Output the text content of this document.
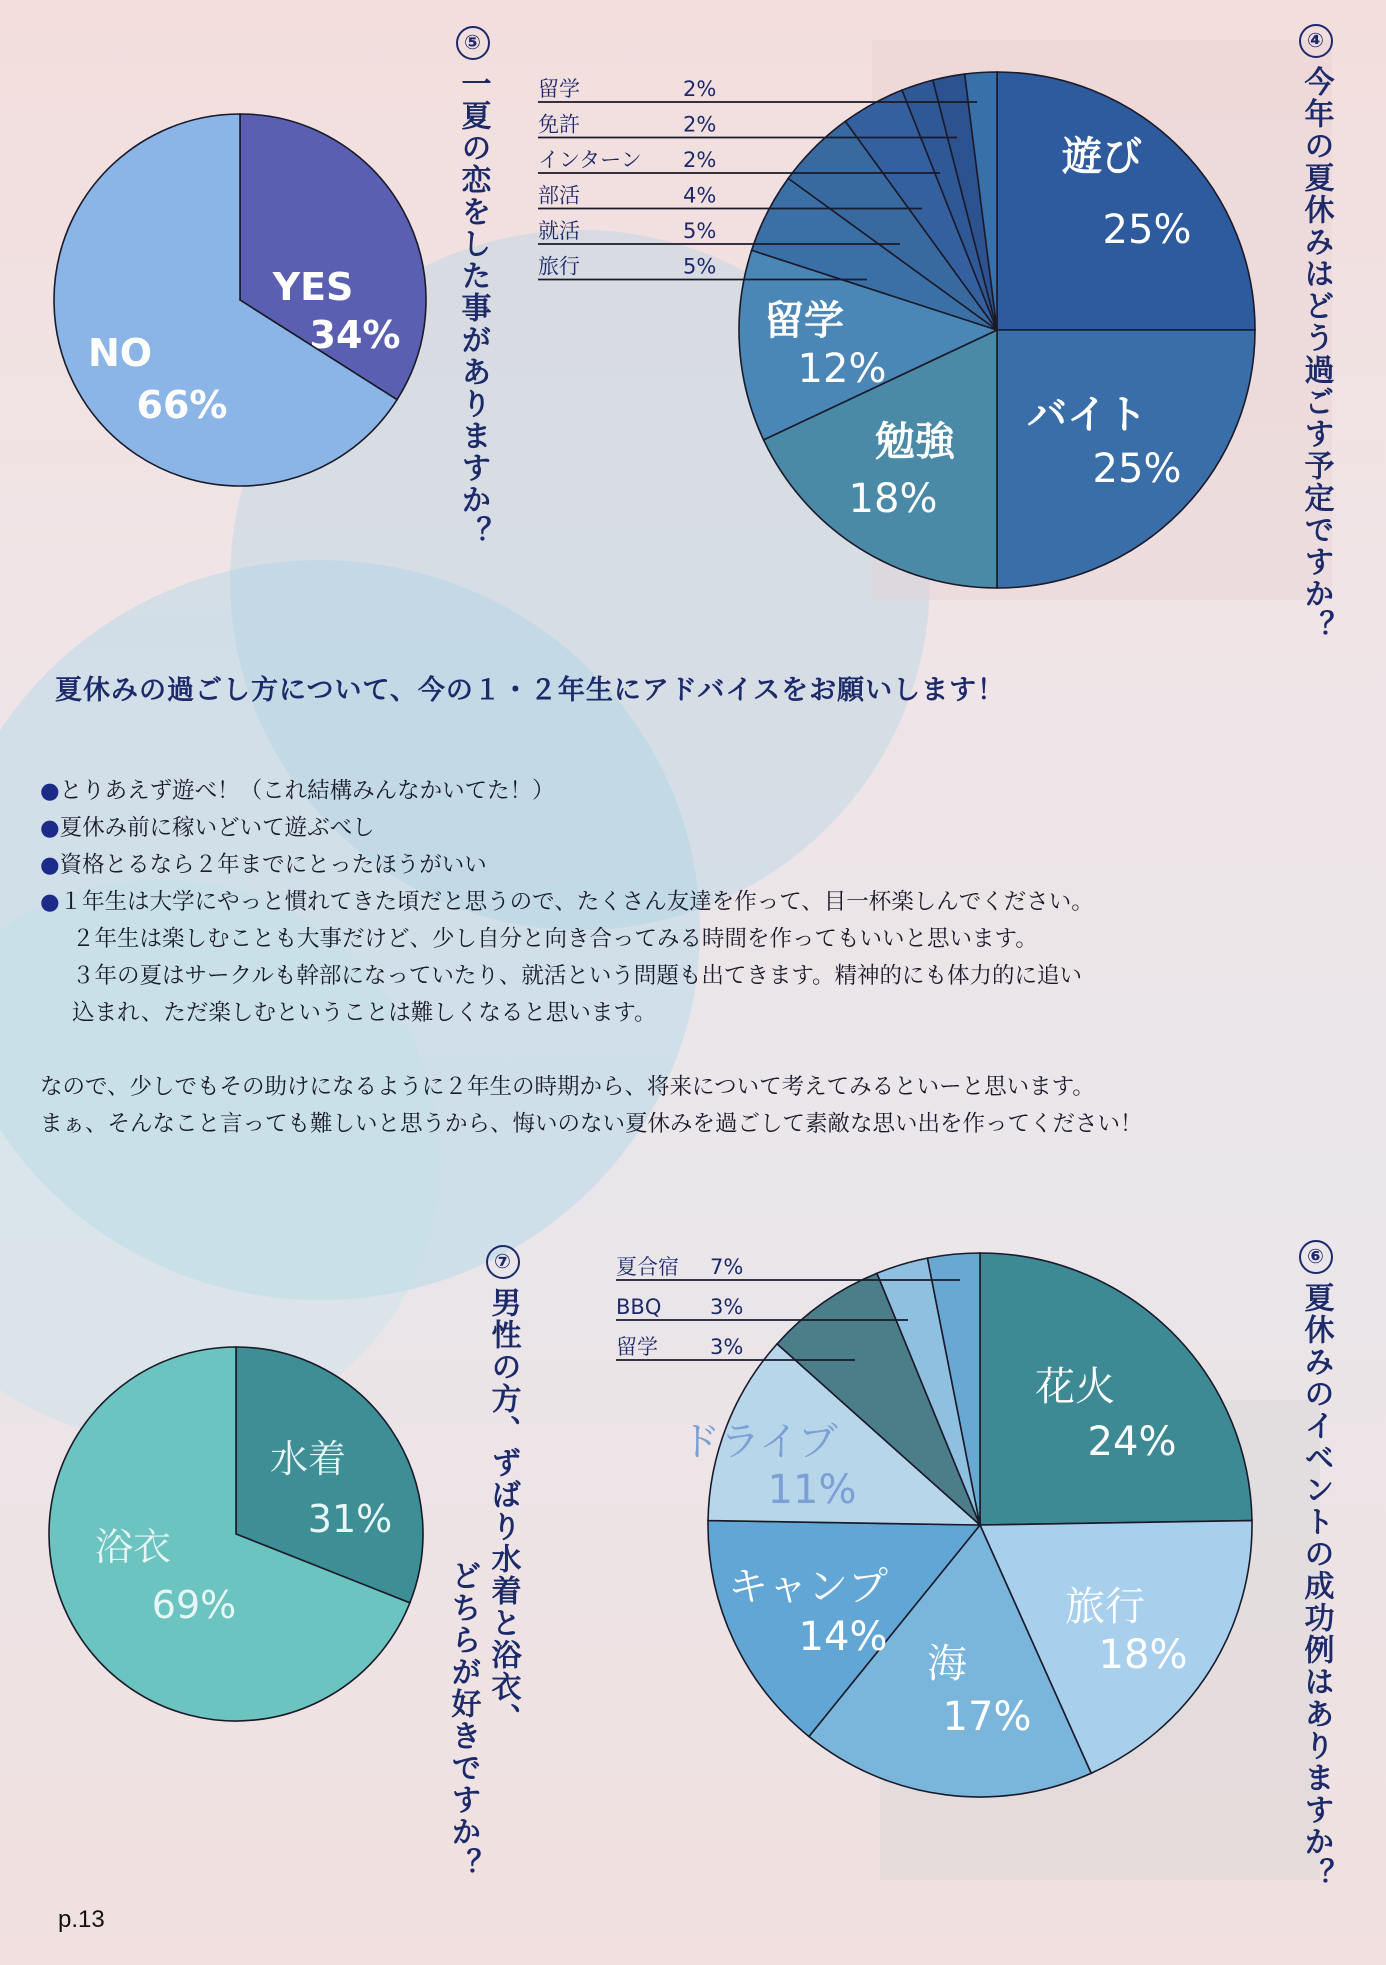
⑤一夏の恋をした事がありますか？
④今年の夏休みはどう過ごす予定ですか？
⑦男性の方、ずばり水着と浴衣、
どちらが好きですか？
⑥夏休みのイベントの成功例はありますか？
YES
34%
NO
66%
遊び
25%
バイト
25%
勉強
18%
留学
12%
水着
31%
浴衣
69%
花火
24%
旅行
18%
海
17%
キャンプ
14%
ドライブ
11%
留学	2%
免許	2%
インターン 2%
部活	4%
就活	5%
旅行	5%
夏合宿 7%
BBQ 3%
留学 3%
夏休みの過ごし方について、今の１・２年生にアドバイスをお願いします！
●とりあえず遊べ！（これ結構みんなかいてた！）
●夏休み前に稼いどいて遊ぶべし
●資格とるなら２年までにとったほうがいい
●１年生は大学にやっと慣れてきた頃だと思うので、たくさん友達を作って、目一杯楽しんでください。
２年生は楽しむことも大事だけど、少し自分と向き合ってみる時間を作ってもいいと思います。
３年の夏はサークルも幹部になっていたり、就活という問題も出てきます。精神的にも体力的に追い
込まれ、ただ楽しむということは難しくなると思います。
なので、少しでもその助けになるように２年生の時期から、将来について考えてみるといーと思います。
まぁ、そんなこと言っても難しいと思うから、悔いのない夏休みを過ごして素敵な思い出を作ってください！
p.13
